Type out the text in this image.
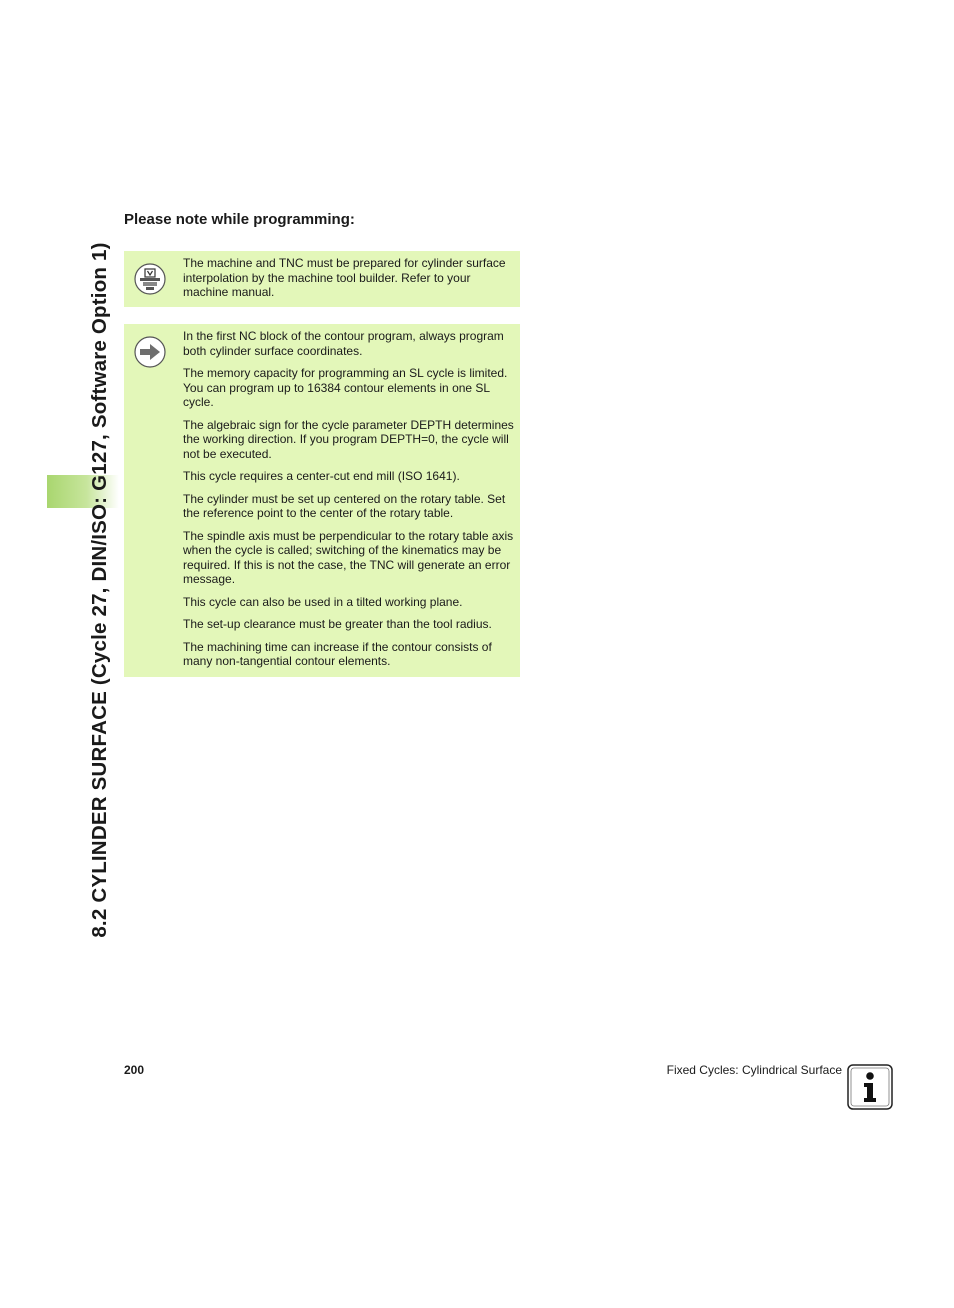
8.2 CYLINDER SURFACE (Cycle 27, DIN/ISO: G127, Software Option 1)
Please note while programming:

The machine and TNC must be prepared for cylinder surface interpolation by the machine tool builder. Refer to your machine manual.

In the first NC block of the contour program, always program both cylinder surface coordinates.

The memory capacity for programming an SL cycle is limited. You can program up to 16384 contour elements in one SL cycle.

The algebraic sign for the cycle parameter DEPTH determines the working direction. If you program DEPTH=0, the cycle will not be executed.

This cycle requires a center-cut end mill (ISO 1641).

The cylinder must be set up centered on the rotary table. Set the reference point to the center of the rotary table.

The spindle axis must be perpendicular to the rotary table axis when the cycle is called; switching of the kinematics may be required. If this is not the case, the TNC will generate an error message.

This cycle can also be used in a tilted working plane.

The set-up clearance must be greater than the tool radius.

The machining time can increase if the contour consists of many non-tangential contour elements.

200	Fixed Cycles: Cylindrical Surface
